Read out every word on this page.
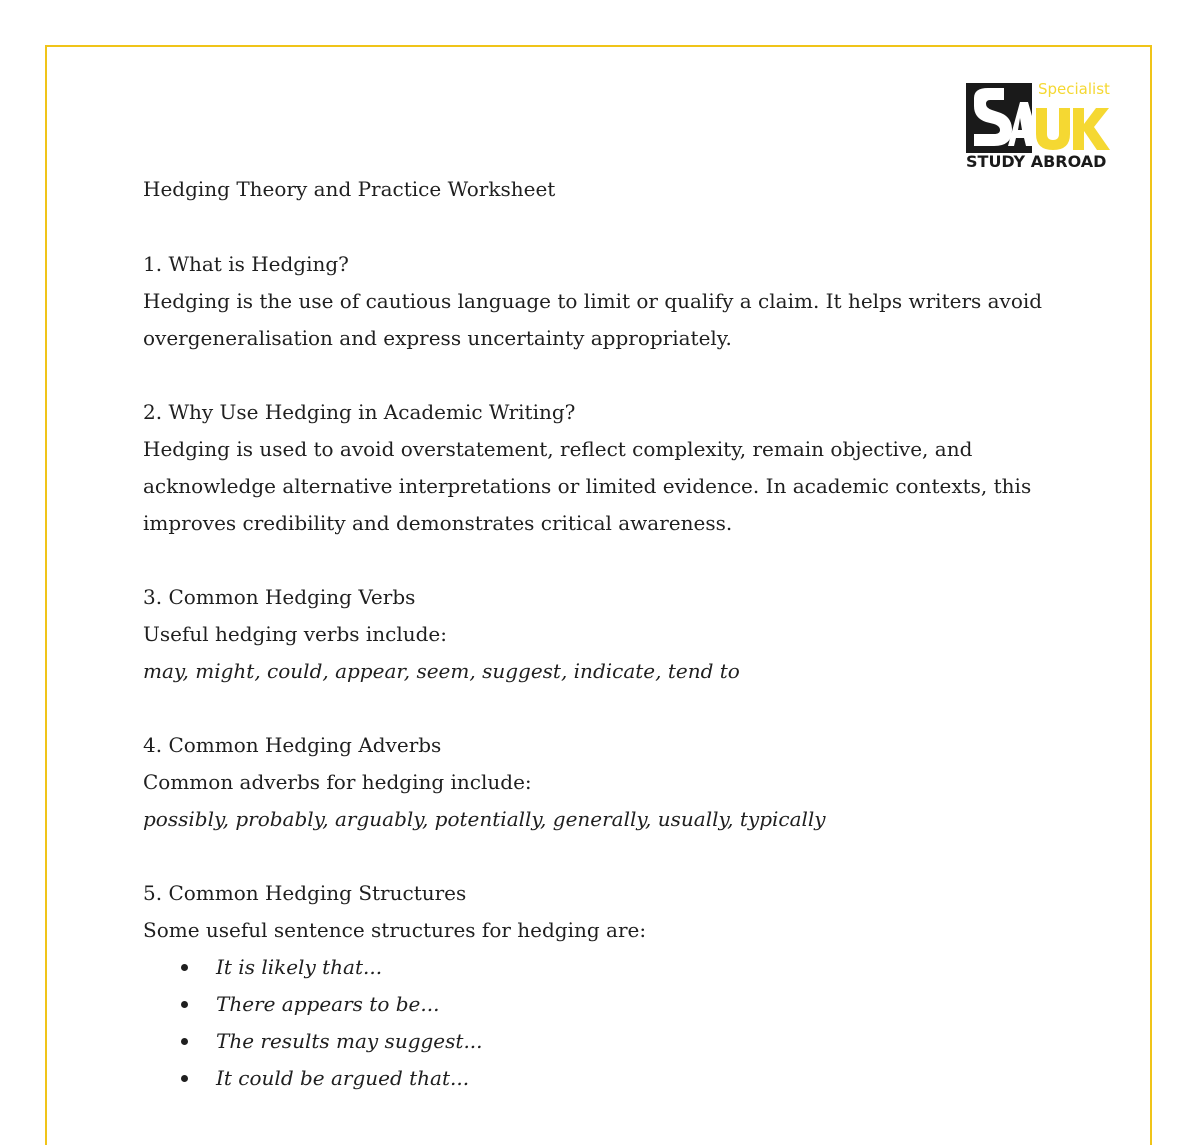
Specialist
STUDY ABROAD
Hedging Theory and Practice Worksheet
1. What is Hedging?

Hedging is the use of cautious language to limit or qualify a claim. It helps writers avoid overgeneralisation and express uncertainty appropriately.

2. Why Use Hedging in Academic Writing?

Hedging is used to avoid overstatement, reflect complexity, remain objective, and acknowledge alternative interpretations or limited evidence. In academic contexts, this improves credibility and demonstrates critical awareness.

3. Common Hedging Verbs

Useful hedging verbs include:

may, might, could, appear, seem, suggest, indicate, tend to

4. Common Hedging Adverbs

Common adverbs for hedging include:

possibly, probably, arguably, potentially, generally, usually, typically

5. Common Hedging Structures

Some useful sentence structures for hedging are:

It is likely that...
There appears to be...
The results may suggest...
It could be argued that...
